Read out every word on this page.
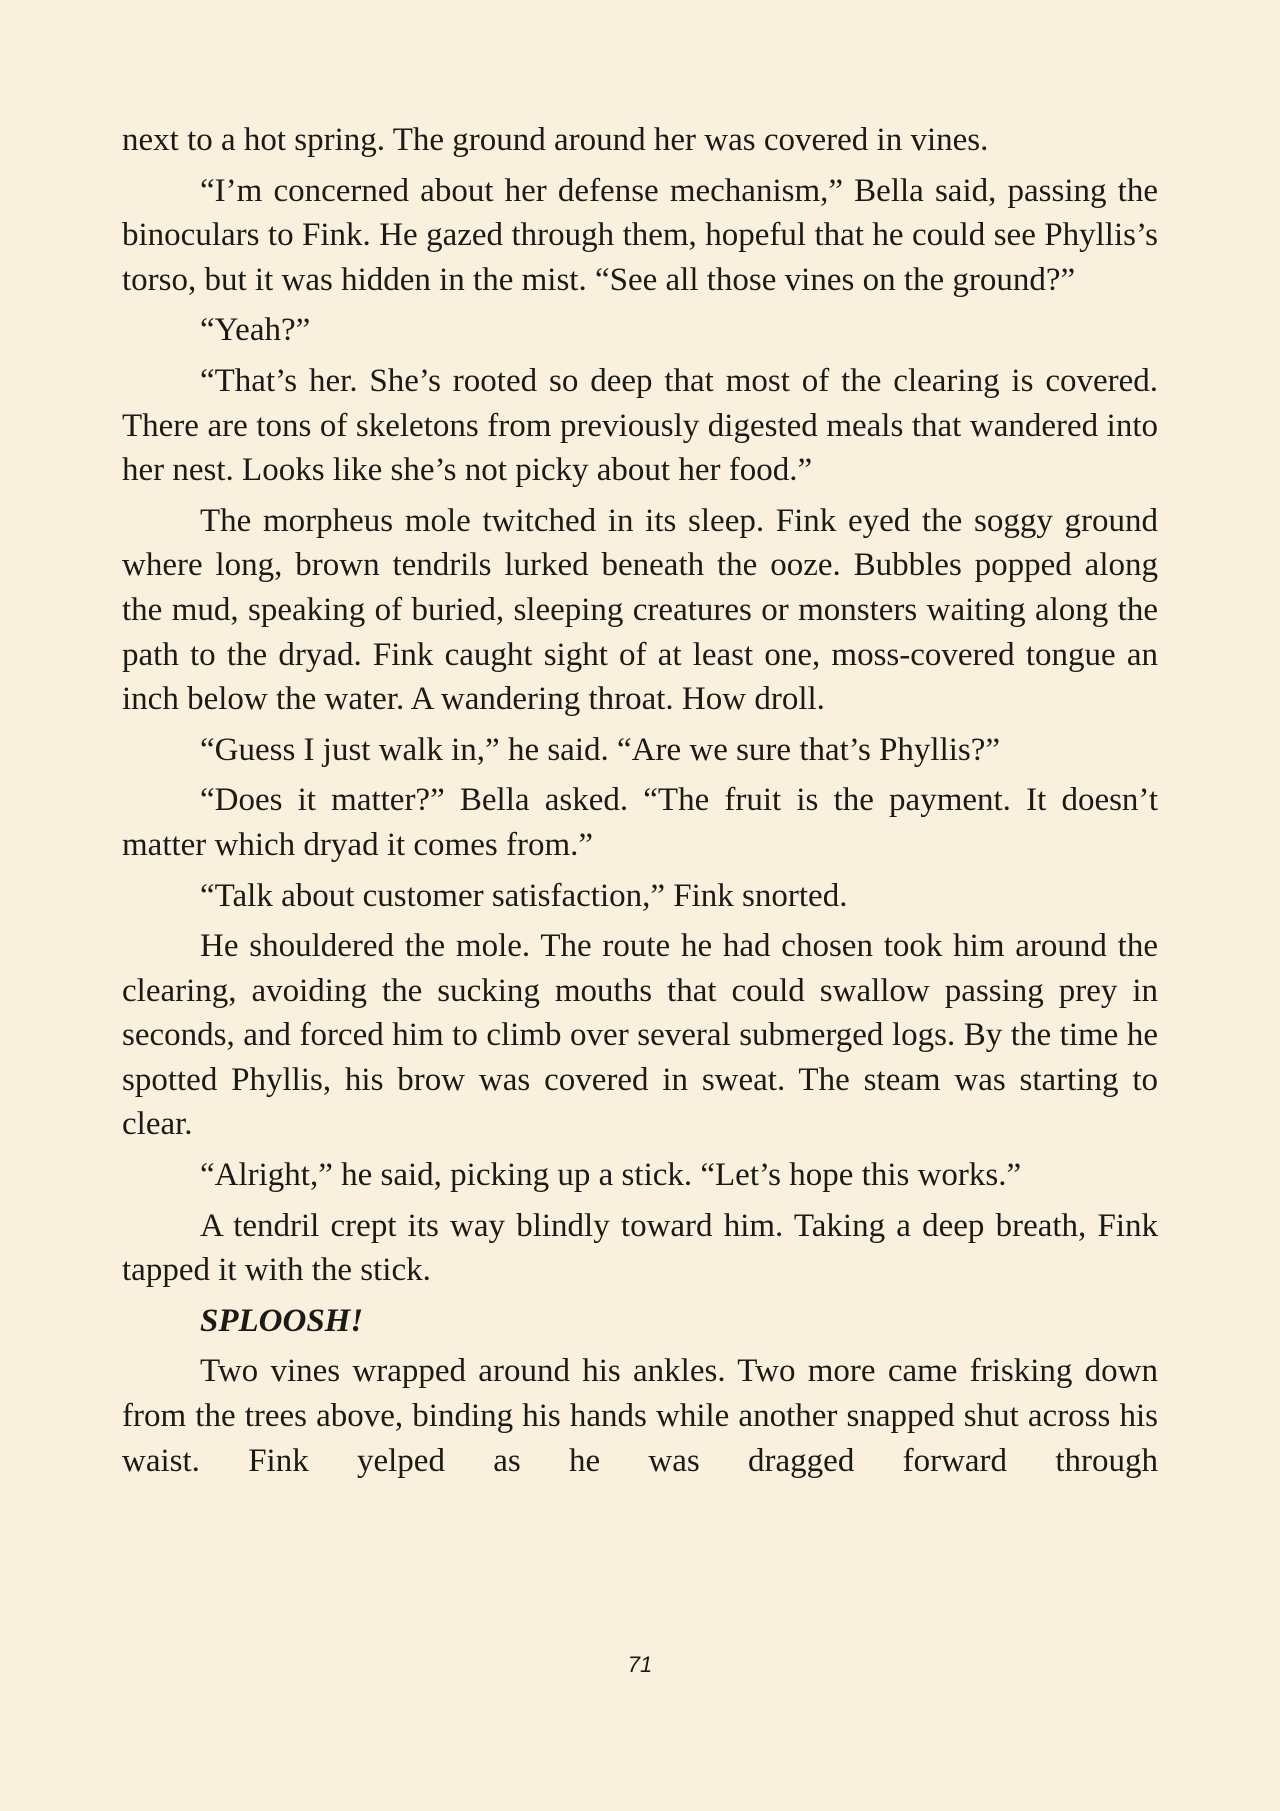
next to a hot spring. The ground around her was covered in vines.

“I’m concerned about her defense mechanism,” Bella said, passing the binoculars to Fink. He gazed through them, hopeful that he could see Phyllis’s torso, but it was hidden in the mist. “See all those vines on the ground?”

“Yeah?”

“That’s her. She’s rooted so deep that most of the clearing is covered. There are tons of skeletons from previously digested meals that wandered into her nest. Looks like she’s not picky about her food.”

The morpheus mole twitched in its sleep. Fink eyed the soggy ground where long, brown tendrils lurked beneath the ooze. Bubbles popped along the mud, speaking of buried, sleeping creatures or monsters waiting along the path to the dryad. Fink caught sight of at least one, moss-covered tongue an inch below the water. A wandering throat. How droll.

“Guess I just walk in,” he said. “Are we sure that’s Phyllis?”

“Does it matter?” Bella asked. “The fruit is the payment. It doesn’t matter which dryad it comes from.”

“Talk about customer satisfaction,” Fink snorted.

He shouldered the mole. The route he had chosen took him around the clearing, avoiding the sucking mouths that could swallow passing prey in seconds, and forced him to climb over several submerged logs. By the time he spotted Phyllis, his brow was covered in sweat. The steam was starting to clear.

“Alright,” he said, picking up a stick. “Let’s hope this works.”

A tendril crept its way blindly toward him. Taking a deep breath, Fink tapped it with the stick.

SPLOOSH!

Two vines wrapped around his ankles. Two more came frisking down from the trees above, binding his hands while another snapped shut across his waist. Fink yelped as he was dragged forward through

71
